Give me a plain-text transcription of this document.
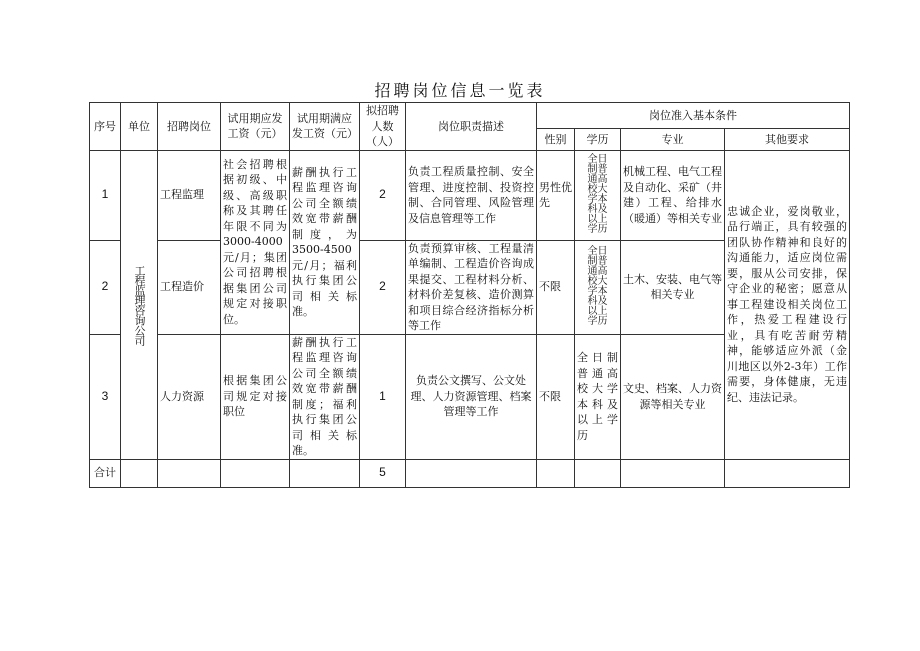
招聘岗位信息一览表
序号	单位	招聘岗位	试用期应发工资（元）	试用期满应发工资（元）	拟招聘人数（人）	岗位职责描述	岗位准入基本条件			
							性别	学历	专业	其他要求
1	工程监理咨询公司	工程监理	社会招聘根据初级、中级、高级职称及其聘任年限不同为3000-4000元/月；集团公司招聘根据集团公司规定对接职位。	薪酬执行工程监理咨询公司全额绩效宽带薪酬制度，为3500-4500元/月；福利执行集团公司相关标准。	2	负责工程质量控制、安全管理、进度控制、投资控制、合同管理、风险管理及信息管理等工作	男性优先	全日制普通高校大学本科及以上学历	机械工程、电气工程及自动化、采矿（井建）工程、给排水（暖通）等相关专业	忠诚企业，爱岗敬业，品行端正，具有较强的团队协作精神和良好的沟通能力，适应岗位需要，服从公司安排，保守企业的秘密；愿意从事工程建设相关岗位工作，热爱工程建设行业，具有吃苦耐劳精神，能够适应外派（金川地区以外2-3年）工作需要，身体健康，无违纪、违法记录。
2		工程造价			2	负责预算审核、工程量清单编制、工程造价咨询成果提交、工程材料分析、材料价差复核、造价测算和项目综合经济指标分析等工作	不限	全日制普通高校大学本科及以上学历	土木、安装、电气等相关专业	
3		人力资源	根据集团公司规定对接职位	薪酬执行工程监理咨询公司全额绩效宽带薪酬制度；福利执行集团公司相关标准。	1	负责公文撰写、公文处理、人力资源管理、档案管理等工作	不限	全日制普通高校大学本科及以上学历	文史、档案、人力资源等相关专业	
合计					5					
